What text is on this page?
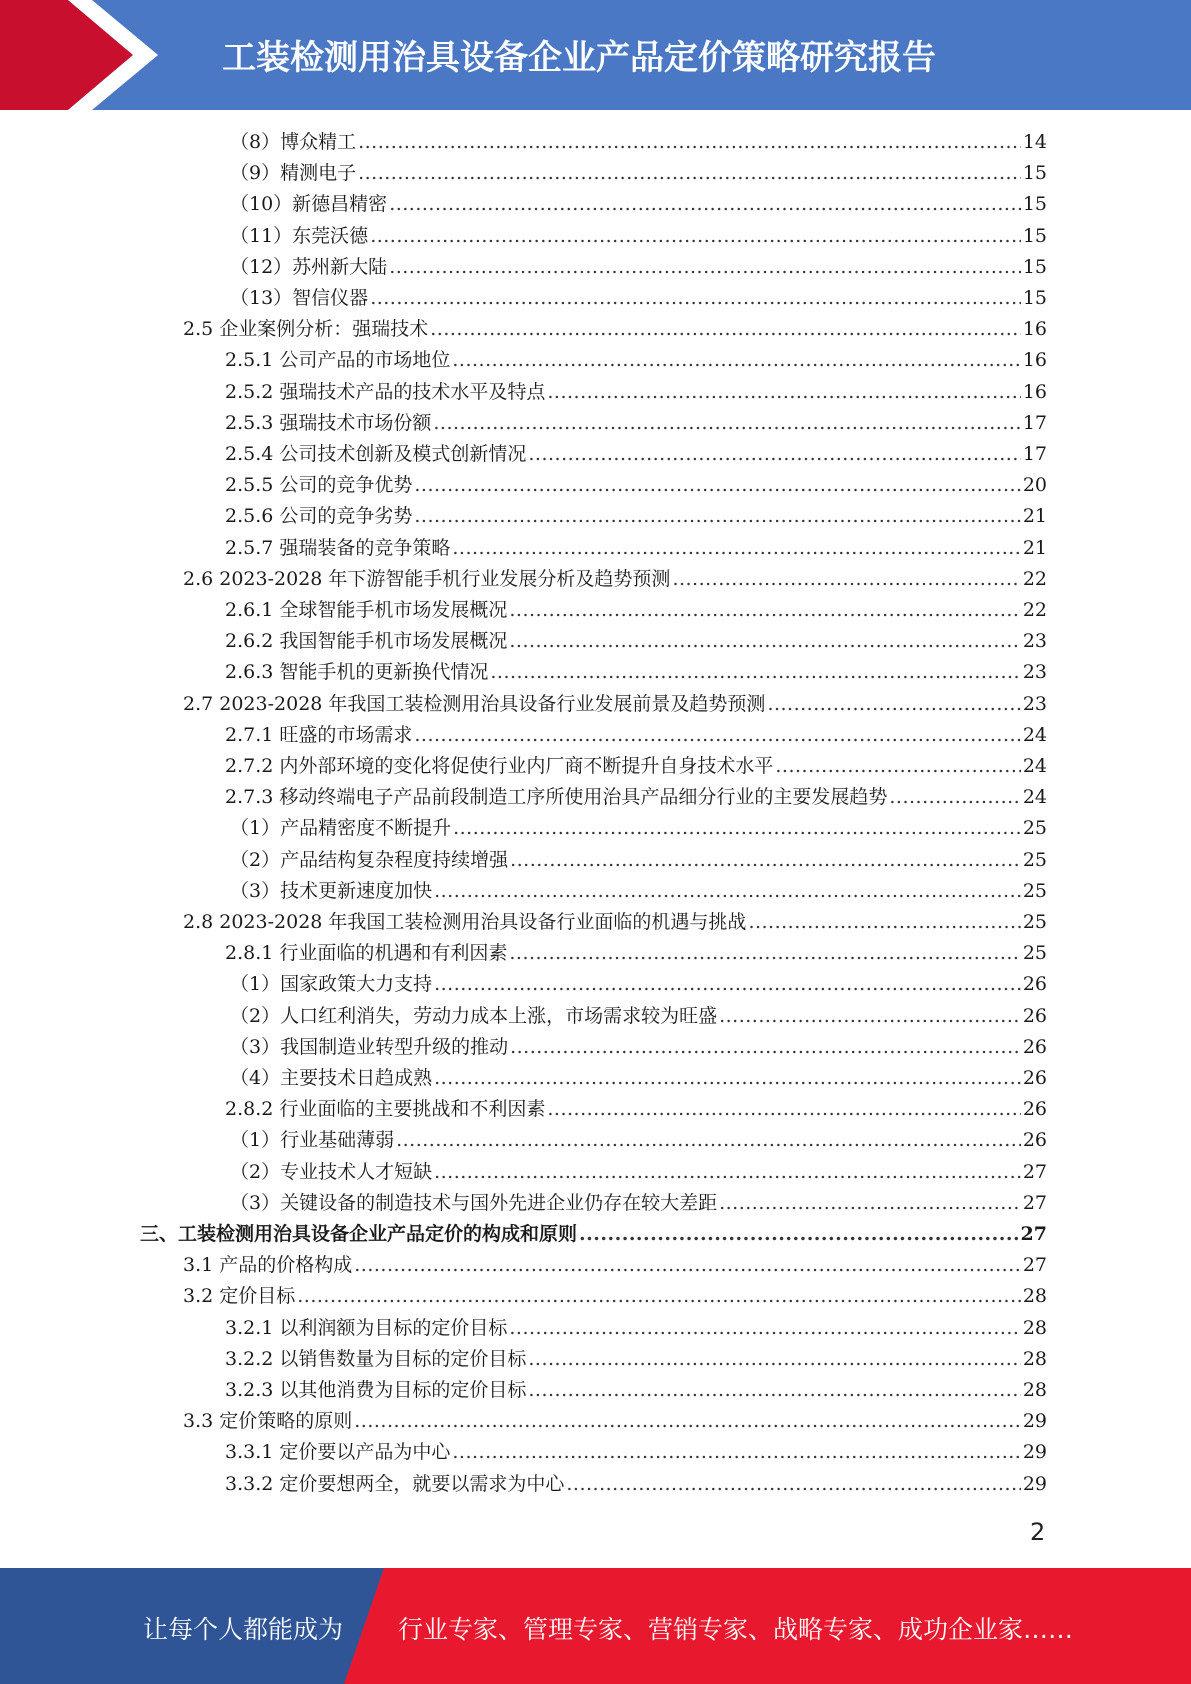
工装检测用治具设备企业产品定价策略研究报告
（8）博众精工 .....	14
（9）精测电子 .....	15
（10）新德昌精密 .....	15
（11）东莞沃德 .....	15
（12）苏州新大陆 .....	15
（13）智信仪器 .....	15
2.5 企业案例分析：强瑞技术 .....	16
2.5.1 公司产品的市场地位 .....	16
2.5.2 强瑞技术产品的技术水平及特点 .....	16
2.5.3 强瑞技术市场份额 .....	17
2.5.4 公司技术创新及模式创新情况 .....	17
2.5.5 公司的竞争优势 .....	20
2.5.6 公司的竞争劣势 .....	21
2.5.7 强瑞装备的竞争策略 .....	21
2.6 2023-2028 年下游智能手机行业发展分析及趋势预测 .....	22
2.6.1 全球智能手机市场发展概况 .....	22
2.6.2 我国智能手机市场发展概况 .....	23
2.6.3 智能手机的更新换代情况 .....	23
2.7 2023-2028 年我国工装检测用治具设备行业发展前景及趋势预测 .....	23
2.7.1 旺盛的市场需求 .....	24
2.7.2 内外部环境的变化将促使行业内厂商不断提升自身技术水平 .....	24
2.7.3 移动终端电子产品前段制造工序所使用治具产品细分行业的主要发展趋势 .....	24
（1）产品精密度不断提升 .....	25
（2）产品结构复杂程度持续增强 .....	25
（3）技术更新速度加快 .....	25
2.8 2023-2028 年我国工装检测用治具设备行业面临的机遇与挑战 .....	25
2.8.1 行业面临的机遇和有利因素 .....	25
（1）国家政策大力支持 .....	26
（2）人口红利消失，劳动力成本上涨，市场需求较为旺盛 .....	26
（3）我国制造业转型升级的推动 .....	26
（4）主要技术日趋成熟 .....	26
2.8.2 行业面临的主要挑战和不利因素 .....	26
（1）行业基础薄弱 .....	26
（2）专业技术人才短缺 .....	27
（3）关键设备的制造技术与国外先进企业仍存在较大差距 .....	27
三、工装检测用治具设备企业产品定价的构成和原则 .....	27
3.1 产品的价格构成 .....	27
3.2 定价目标 .....	28
3.2.1 以利润额为目标的定价目标 .....	28
3.2.2 以销售数量为目标的定价目标 .....	28
3.2.3 以其他消费为目标的定价目标 .....	28
3.3 定价策略的原则 .....	29
3.3.1 定价要以产品为中心 .....	29
3.3.2 定价要想两全，就要以需求为中心 .....	29
2
让每个人都能成为 行业专家、管理专家、营销专家、战略专家、成功企业家……
